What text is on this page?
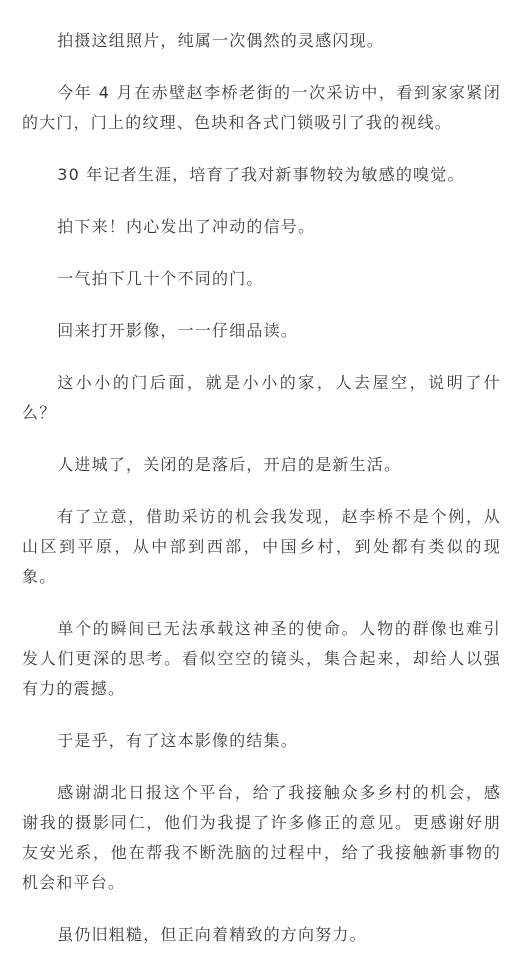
拍摄这组照片，纯属一次偶然的灵感闪现。

今年 4 月在赤壁赵李桥老街的一次采访中，看到家家紧闭的大门，门上的纹理、色块和各式门锁吸引了我的视线。

30 年记者生涯，培育了我对新事物较为敏感的嗅觉。

拍下来！内心发出了冲动的信号。

一气拍下几十个不同的门。

回来打开影像，一一仔细品读。

这小小的门后面，就是小小的家，人去屋空，说明了什么？

人进城了，关闭的是落后，开启的是新生活。

有了立意，借助采访的机会我发现，赵李桥不是个例，从山区到平原，从中部到西部，中国乡村，到处都有类似的现象。

单个的瞬间已无法承载这神圣的使命。人物的群像也难引发人们更深的思考。看似空空的镜头，集合起来，却给人以强有力的震撼。

于是乎，有了这本影像的结集。

感谢湖北日报这个平台，给了我接触众多乡村的机会，感谢我的摄影同仁，他们为我提了许多修正的意见。更感谢好朋友安光系，他在帮我不断洗脑的过程中，给了我接触新事物的机会和平台。

虽仍旧粗糙，但正向着精致的方向努力。
